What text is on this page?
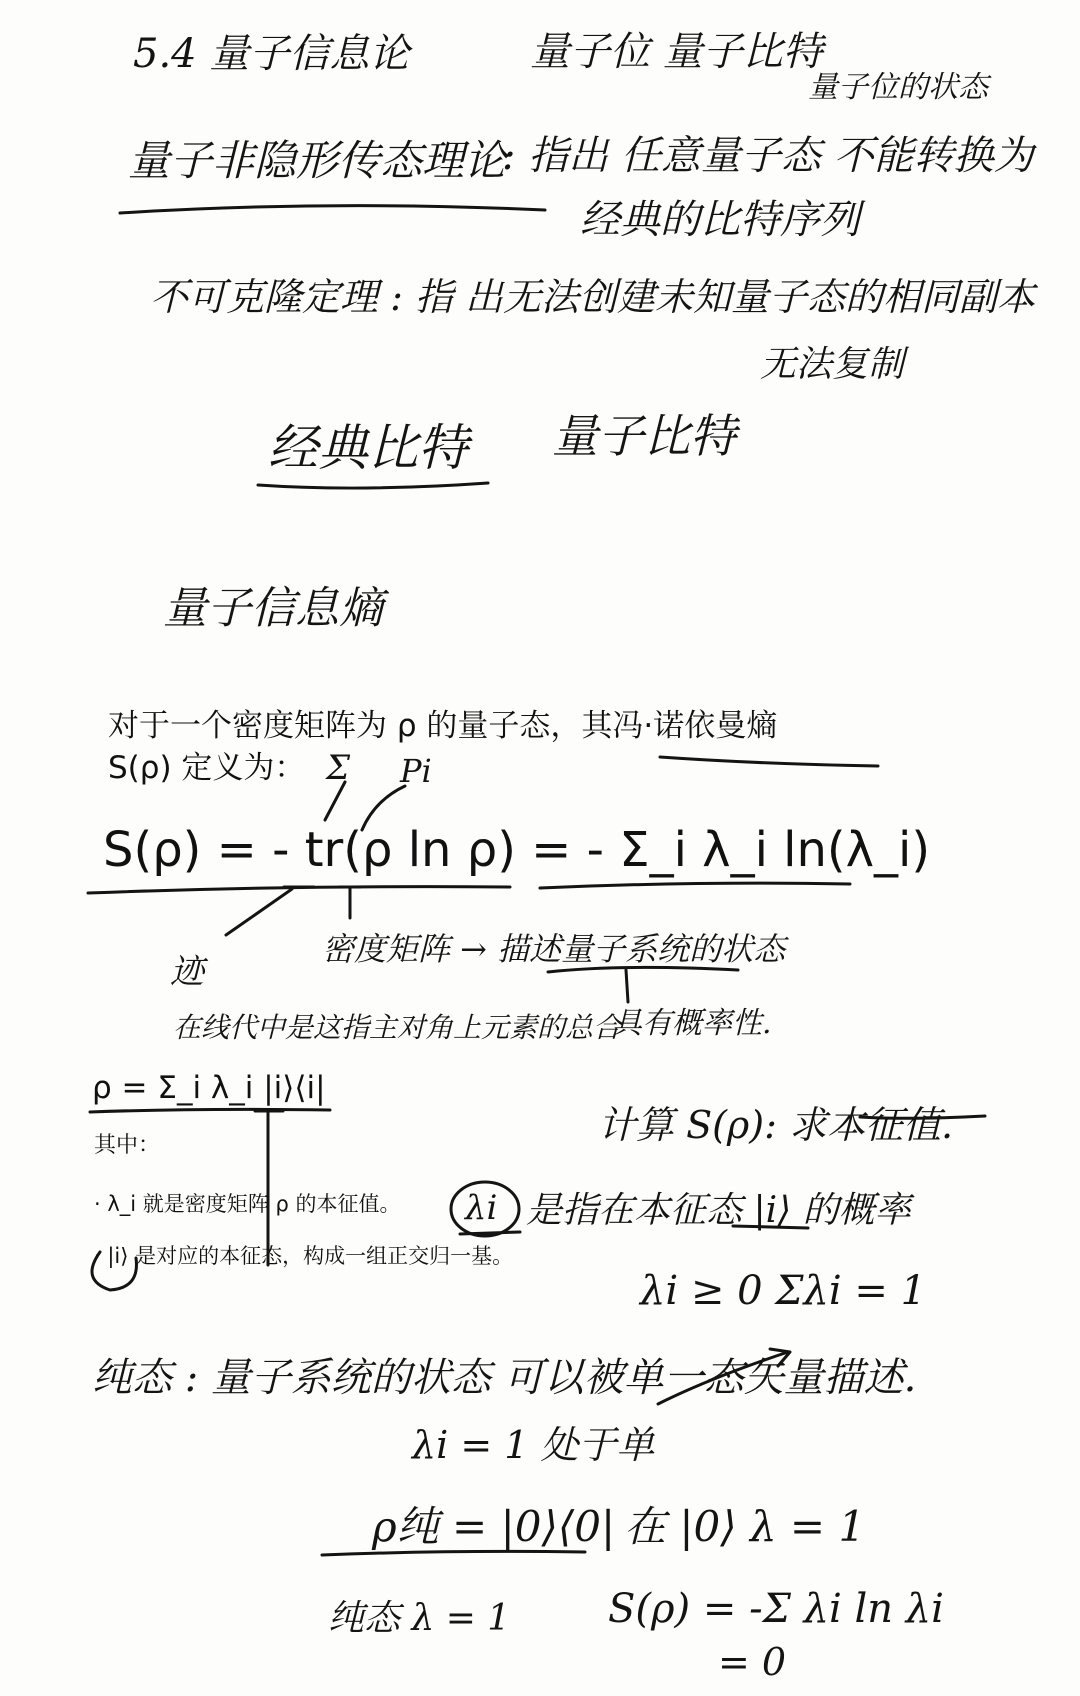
5.4 量子信息论	量子位 量子比特
量子位的状态
量子非隐形传态理论
: 指出 任意量子态 不能转换为
经典的比特序列
不可克隆定理 : 指 出无法创建未知量子态的相同副本
无法复制
经典比特 量子比特
量子信息熵
对于一个密度矩阵为 ρ 的量子态，其冯·诺依曼熵
S(ρ) 定义为： Σ Pi
S(ρ) = - tr(ρ ln ρ) = - Σ_i λ_i ln(λ_i)
迹
密度矩阵 → 描述量子系统的状态
在线代中是这指主对角上元素的总合
具有概率性.
ρ = Σ_i λ_i |i⟩⟨i|
计算 S(ρ): 求本征值.
其中：
· λ_i 就是密度矩阵 ρ 的本征值。 λi 是指在本征态 |i⟩ 的概率
· |i⟩ 是对应的本征态，构成一组正交归一基。
λi ≥ 0 Σλi = 1
纯态 : 量子系统的状态 可以被单一态矢量描述.
λi = 1 处于单
ρ纯 = |0⟩⟨0| 在 |0⟩ λ = 1
纯态 λ = 1 S(ρ) = -Σ λi ln λi
= 0
